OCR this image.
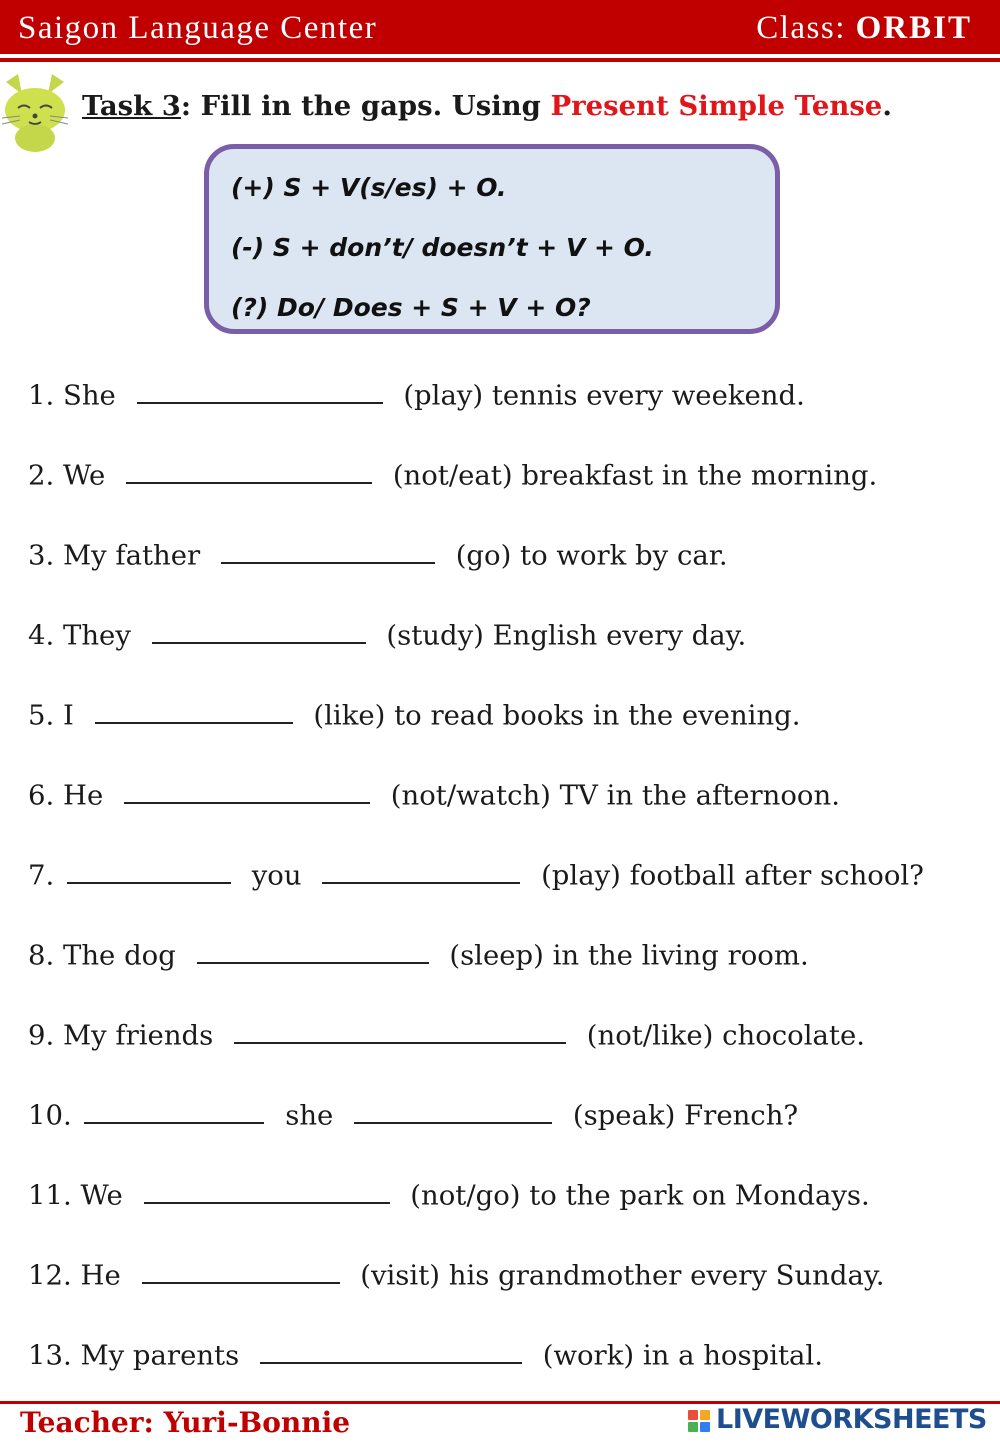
Saigon Language Center	Class: ORBIT
Task 3: Fill in the gaps. Using Present Simple Tense.
(+) S + V(s/es) + O.
(-) S + don’t/ doesn’t + V + O.
(?) Do/ Does + S + V + O?
1. She	(play) tennis every weekend.
2. We	(not/eat) breakfast in the morning.
3. My father	(go) to work by car.
4. They	(study) English every day.
5. I	(like) to read books in the evening.
6. He	(not/watch) TV in the afternoon.
7.	you	(play) football after school?
8. The dog	(sleep) in the living room.
9. My friends	(not/like) chocolate.
10.	she	(speak) French?
11. We	(not/go) to the park on Mondays.
12. He	(visit) his grandmother every Sunday.
13. My parents	(work) in a hospital.
Teacher: Yuri-Bonnie	LIVEWORKSHEETS
